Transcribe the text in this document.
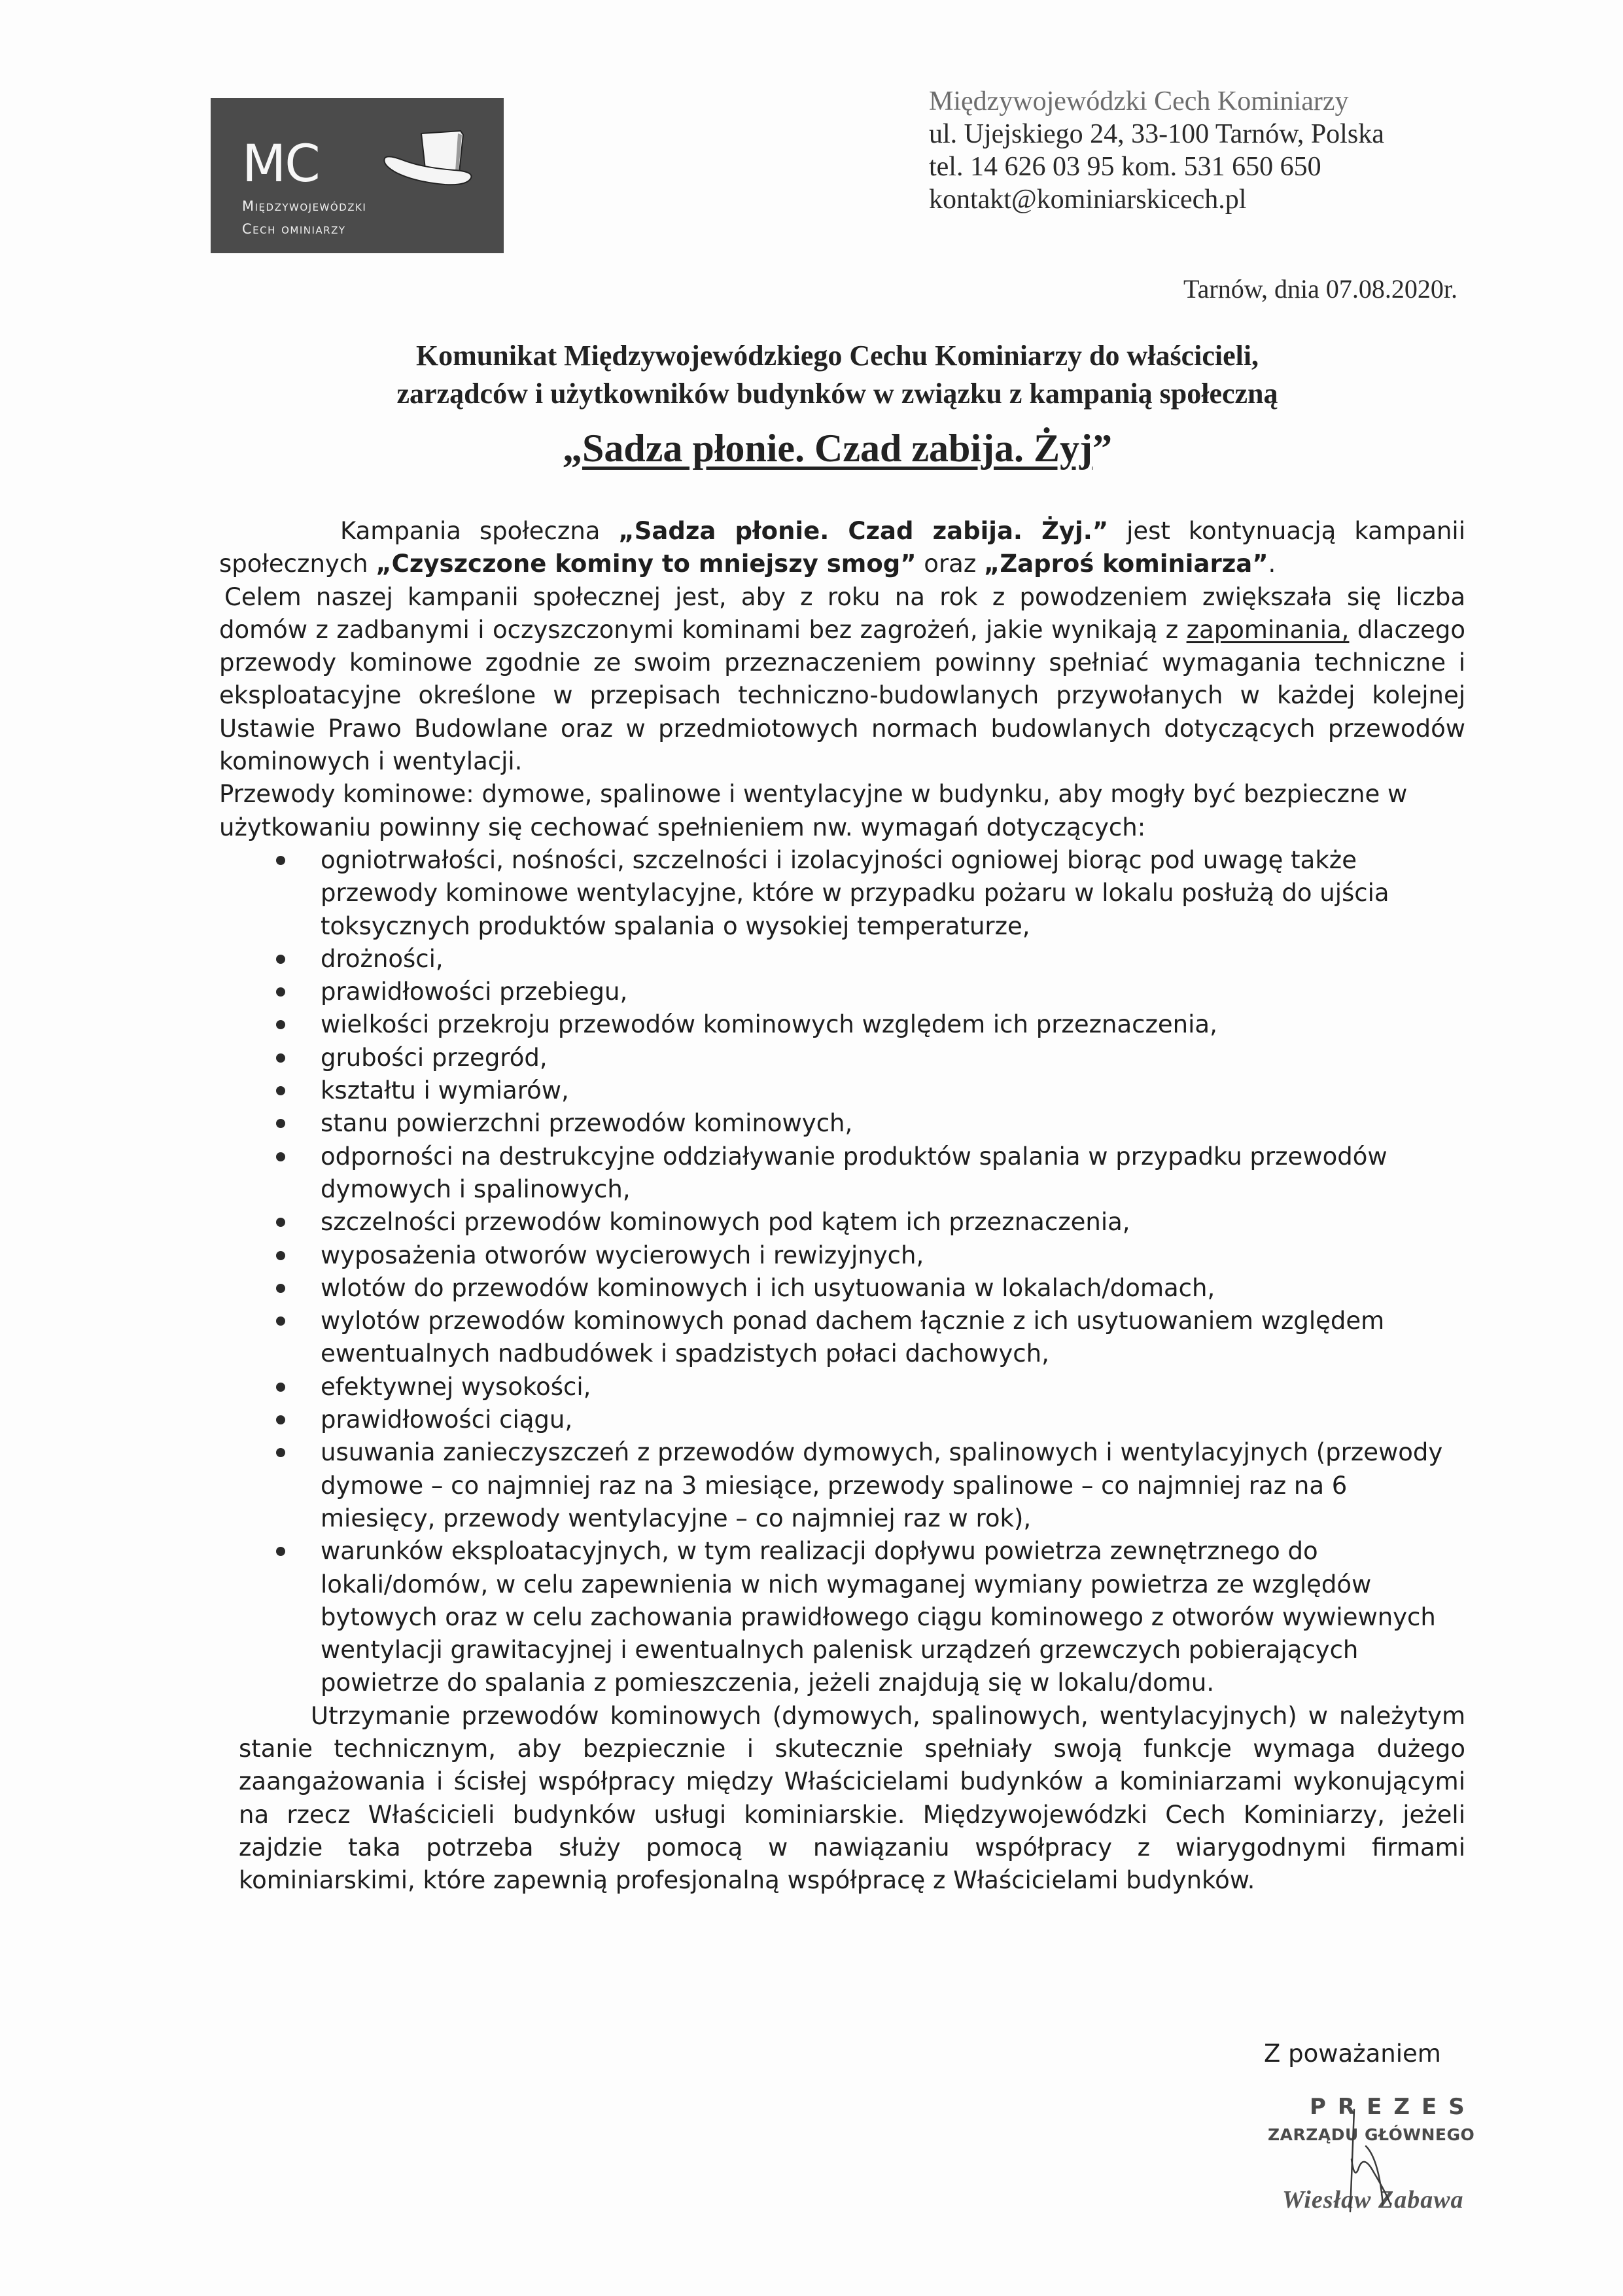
MC
Międzywojewódzki
Cech ominiarzy
Międzywojewódzki Cech Kominiarzy
ul. Ujejskiego 24, 33-100 Tarnów, Polska
tel. 14 626 03 95 kom. 531 650 650
kontakt@kominiarskicech.pl
Tarnów, dnia 07.08.2020r.
Komunikat Międzywojewódzkiego Cechu Kominiarzy do właścicieli,
zarządców i użytkowników budynków w związku z kampanią społeczną
„Sadza płonie. Czad zabija. Żyj”

Kampania społeczna „Sadza płonie. Czad zabija. Żyj.” jest kontynuacją kampanii społecznych „Czyszczone kominy to mniejszy smog” oraz „Zaproś kominiarza”.

Celem naszej kampanii społecznej jest, aby z roku na rok z powodzeniem zwiększała się liczba domów z zadbanymi i oczyszczonymi kominami bez zagrożeń, jakie wynikają z zapominania, dlaczego przewody kominowe zgodnie ze swoim przeznaczeniem powinny spełniać wymagania techniczne i eksploatacyjne określone w przepisach techniczno-budowlanych przywołanych w każdej kolejnej Ustawie Prawo Budowlane oraz w przedmiotowych normach budowlanych dotyczących przewodów kominowych i wentylacji.

Przewody kominowe: dymowe, spalinowe i wentylacyjne w budynku, aby mogły być bezpieczne w użytkowaniu powinny się cechować spełnieniem nw. wymagań dotyczących:

ogniotrwałości, nośności, szczelności i izolacyjności ogniowej biorąc pod uwagę także przewody kominowe wentylacyjne, które w przypadku pożaru w lokalu posłużą do ujścia toksycznych produktów spalania o wysokiej temperaturze,
drożności,
prawidłowości przebiegu,
wielkości przekroju przewodów kominowych względem ich przeznaczenia,
grubości przegród,
kształtu i wymiarów,
stanu powierzchni przewodów kominowych,
odporności na destrukcyjne oddziaływanie produktów spalania w przypadku przewodów dymowych i spalinowych,
szczelności przewodów kominowych pod kątem ich przeznaczenia,
wyposażenia otworów wycierowych i rewizyjnych,
wlotów do przewodów kominowych i ich usytuowania w lokalach/domach,
wylotów przewodów kominowych ponad dachem łącznie z ich usytuowaniem względem ewentualnych nadbudówek i spadzistych połaci dachowych,
efektywnej wysokości,
prawidłowości ciągu,
usuwania zanieczyszczeń z przewodów dymowych, spalinowych i wentylacyjnych (przewody dymowe – co najmniej raz na 3 miesiące, przewody spalinowe – co najmniej raz na 6 miesięcy, przewody wentylacyjne – co najmniej raz w rok),
warunków eksploatacyjnych, w tym realizacji dopływu powietrza zewnętrznego do lokali/domów, w celu zapewnienia w nich wymaganej wymiany powietrza ze względów bytowych oraz w celu zachowania prawidłowego ciągu kominowego z otworów wywiewnych wentylacji grawitacyjnej i ewentualnych palenisk urządzeń grzewczych pobierających powietrze do spalania z pomieszczenia, jeżeli znajdują się w lokalu/domu.

Utrzymanie przewodów kominowych (dymowych, spalinowych, wentylacyjnych) w należytym stanie technicznym, aby bezpiecznie i skutecznie spełniały swoją funkcje wymaga dużego zaangażowania i ścisłej współpracy między Właścicielami budynków a kominiarzami wykonującymi na rzecz Właścicieli budynków usługi kominiarskie. Międzywojewódzki Cech Kominiarzy, jeżeli zajdzie taka potrzeba służy pomocą w nawiązaniu współpracy z wiarygodnymi firmami kominiarskimi, które zapewnią profesjonalną współpracę z Właścicielami budynków.

Z poważaniem
PREZES
ZARZĄDU GŁÓWNEGO
Wiesław Zabawa
